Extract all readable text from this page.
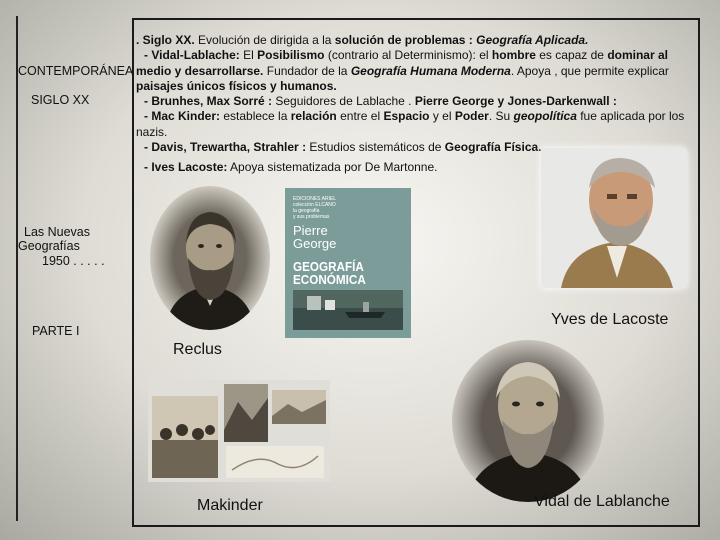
CONTEMPORÁNEA
SIGLO XX
Las Nuevas
Geografías
1950 . . . . .
PARTE I

. Siglo XX. Evolución de dirigida a la solución de problemas : Geografía Aplicada.

- Vidal-Lablache: El Posibilismo (contrario al Determinismo): el hombre es capaz de dominar al

medio y desarrollarse. Fundador de la Geografía Humana Moderna. Apoya , que permite explicar

paisajes únicos físicos y humanos.

- Brunhes, Max Sorré : Seguidores de Lablache . Pierre George y Jones-Darkenwall :

- Mac Kinder: establece la relación entre el Espacio y el Poder. Su geopolítica fue aplicada por los

nazis.

- Davis, Trewartha, Strahler : Estudios sistemáticos de Geografía Física.

- Ives Lacoste: Apoya sistematizada por De Martonne.

EDICIONES ARIEL
colección ELCANO
la geografía
y sus problemas
Pierre
George
GEOGRAFÍA
ECONÓMICA
Yves de Lacoste
Reclus
Makinder	Vidal de Lablanche
